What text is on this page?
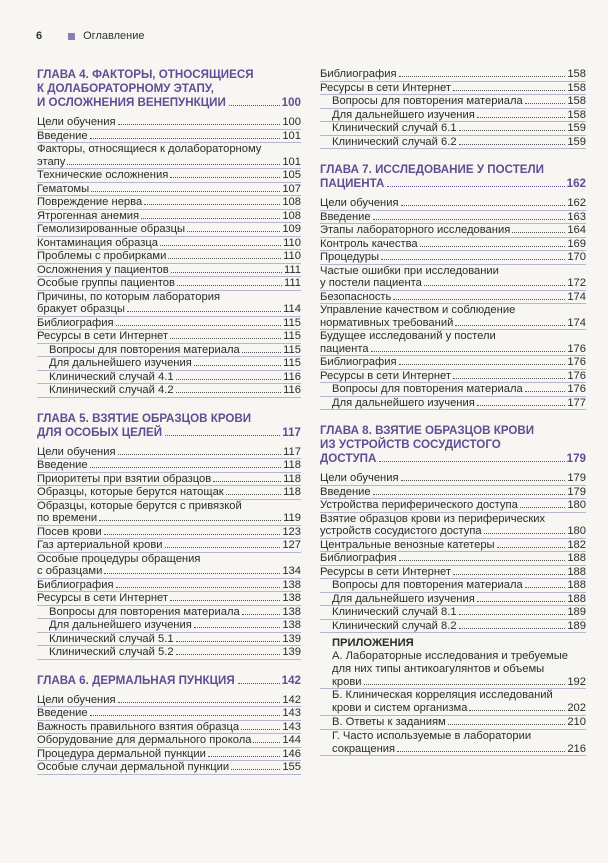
6	Оглавление
ГЛАВА 4. ФАКТОРЫ, ОТНОСЯЩИЕСЯ
К ДОЛАБОРАТОРНОМУ ЭТАПУ,
И ОСЛОЖНЕНИЯ ВЕНЕПУНКЦИИ	100
Цели обучения	100
Введение	101
Факторы, относящиеся к долабораторному
этапу	101
Технические осложнения	105
Гематомы	107
Повреждение нерва	108
Ятрогенная анемия	108
Гемолизированные образцы	109
Контаминация образца	110
Проблемы с пробирками	110
Осложнения у пациентов	111
Особые группы пациентов	111
Причины, по которым лаборатория
бракует образцы	114
Библиография	115
Ресурсы в сети Интернет	115
Вопросы для повторения материала	115
Для дальнейшего изучения	115
Клинический случай 4.1	116
Клинический случай 4.2	116
ГЛАВА 5. ВЗЯТИЕ ОБРАЗЦОВ КРОВИ
ДЛЯ ОСОБЫХ ЦЕЛЕЙ	117
Цели обучения	117
Введение	118
Приоритеты при взятии образцов	118
Образцы, которые берутся натощак	118
Образцы, которые берутся с привязкой
по времени	119
Посев крови	123
Газ артериальной крови	127
Особые процедуры обращения
с образцами	134
Библиография	138
Ресурсы в сети Интернет	138
Вопросы для повторения материала	138
Для дальнейшего изучения	138
Клинический случай 5.1	139
Клинический случай 5.2	139
ГЛАВА 6. ДЕРМАЛЬНАЯ ПУНКЦИЯ	142
Цели обучения	142
Введение	143
Важность правильного взятия образца	143
Оборудование для дермального прокола	144
Процедура дермальной пункции	146
Особые случаи дермальной пункции	155
Библиография	158
Ресурсы в сети Интернет	158
Вопросы для повторения материала	158
Для дальнейшего изучения	158
Клинический случай 6.1	159
Клинический случай 6.2	159
ГЛАВА 7. ИССЛЕДОВАНИЕ У ПОСТЕЛИ
ПАЦИЕНТА	162
Цели обучения	162
Введение	163
Этапы лабораторного исследования	164
Контроль качества	169
Процедуры	170
Частые ошибки при исследовании
у постели пациента	172
Безопасность	174
Управление качеством и соблюдение
нормативных требований	174
Будущее исследований у постели
пациента	176
Библиография	176
Ресурсы в сети Интернет	176
Вопросы для повторения материала	176
Для дальнейшего изучения	177
ГЛАВА 8. ВЗЯТИЕ ОБРАЗЦОВ КРОВИ
ИЗ УСТРОЙСТВ СОСУДИСТОГО
ДОСТУПА	179
Цели обучения	179
Введение	179
Устройства периферического доступа	180
Взятие образцов крови из периферических
устройств сосудистого доступа	180
Центральные венозные катетеры	182
Библиография	188
Ресурсы в сети Интернет	188
Вопросы для повторения материала	188
Для дальнейшего изучения	188
Клинический случай 8.1	189
Клинический случай 8.2	189
ПРИЛОЖЕНИЯ
А. Лабораторные исследования и требуемые
для них типы антикоагулянтов и объемы
крови	192
Б. Клиническая корреляция исследований
крови и систем организма	202
В. Ответы к заданиям	210
Г. Часто используемые в лаборатории
сокращения	216
